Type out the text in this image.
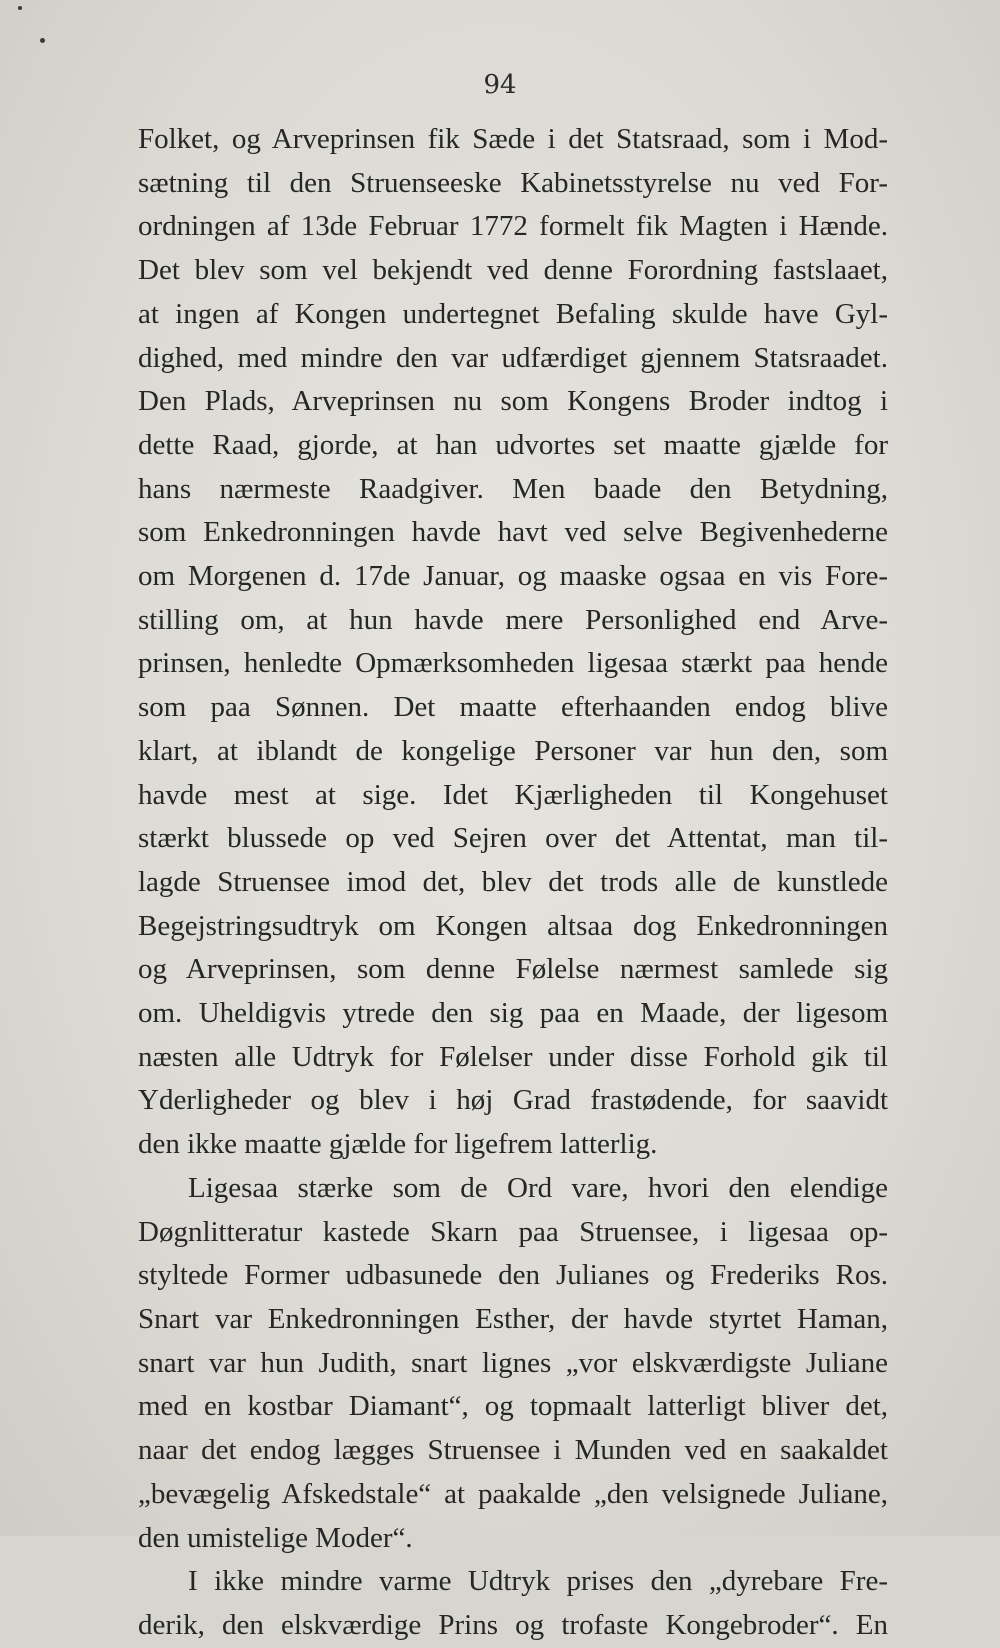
94
Folket, og Arveprinsen fik Sæde i det Statsraad, som i Mod-
sætning til den Struenseeske Kabinetsstyrelse nu ved For-
ordningen af 13de Februar 1772 formelt fik Magten i Hænde.
Det blev som vel bekjendt ved denne Forordning fastslaaet,
at ingen af Kongen undertegnet Befaling skulde have Gyl-
dighed, med mindre den var udfærdiget gjennem Statsraadet.
Den Plads, Arveprinsen nu som Kongens Broder indtog i
dette Raad, gjorde, at han udvortes set maatte gjælde for
hans nærmeste Raadgiver. Men baade den Betydning,
som Enkedronningen havde havt ved selve Begivenhederne
om Morgenen d. 17de Januar, og maaske ogsaa en vis Fore-
stilling om, at hun havde mere Personlighed end Arve-
prinsen, henledte Opmærksomheden ligesaa stærkt paa hende
som paa Sønnen. Det maatte efterhaanden endog blive
klart, at iblandt de kongelige Personer var hun den, som
havde mest at sige. Idet Kjærligheden til Kongehuset
stærkt blussede op ved Sejren over det Attentat, man til-
lagde Struensee imod det, blev det trods alle de kunstlede
Begejstringsudtryk om Kongen altsaa dog Enkedronningen
og Arveprinsen, som denne Følelse nærmest samlede sig
om. Uheldigvis ytrede den sig paa en Maade, der ligesom
næsten alle Udtryk for Følelser under disse Forhold gik til
Yderligheder og blev i høj Grad frastødende, for saavidt
den ikke maatte gjælde for ligefrem latterlig.
Ligesaa stærke som de Ord vare, hvori den elendige
Døgnlitteratur kastede Skarn paa Struensee, i ligesaa op-
styltede Former udbasunede den Julianes og Frederiks Ros.
Snart var Enkedronningen Esther, der havde styrtet Haman,
snart var hun Judith, snart lignes „vor elskværdigste Juliane
med en kostbar Diamant“, og topmaalt latterligt bliver det,
naar det endog lægges Struensee i Munden ved en saakaldet
„bevægelig Afskedstale“ at paakalde „den velsignede Juliane,
den umistelige Moder“.
I ikke mindre varme Udtryk prises den „dyrebare Fre-
derik, den elskværdige Prins og trofaste Kongebroder“. En
